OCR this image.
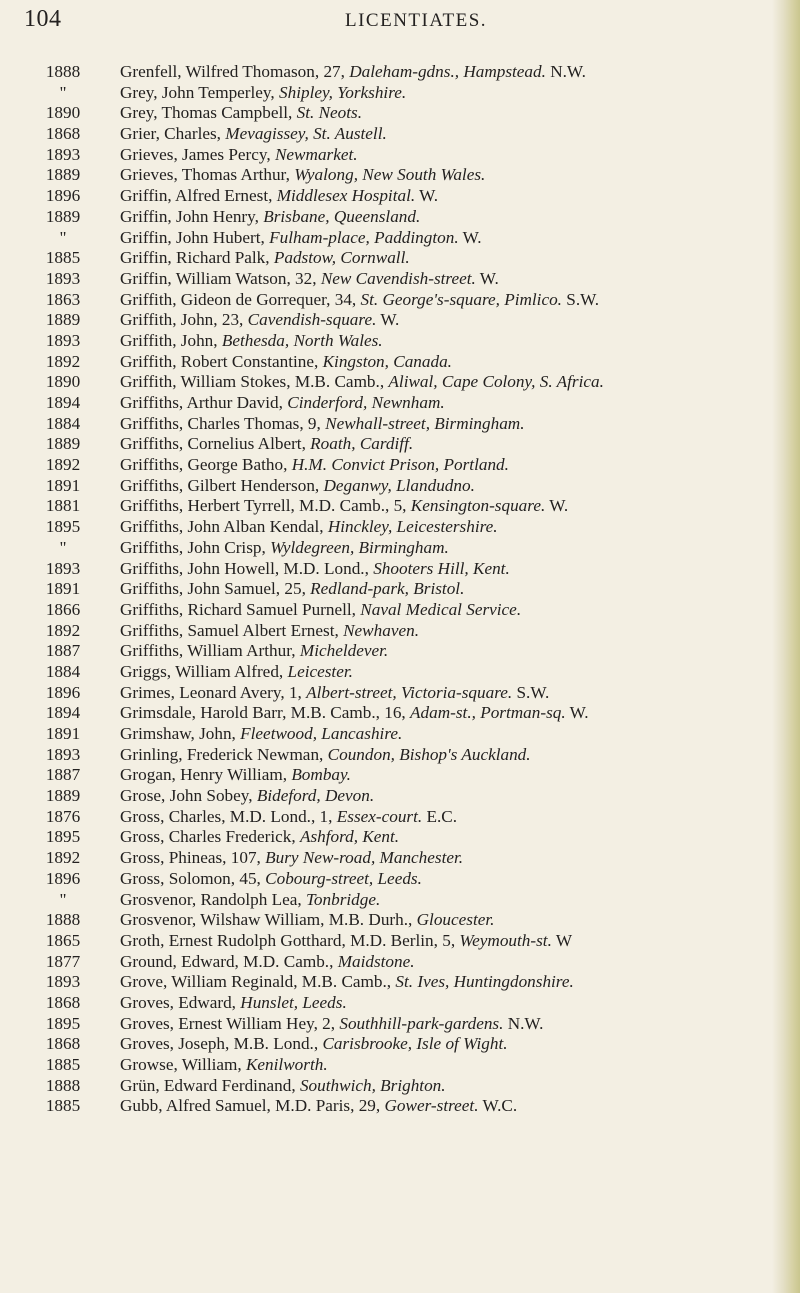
104	LICENTIATES.
1888	Grenfell, Wilfred Thomason, 27, Daleham-gdns., Hampstead. N.W.
"	Grey, John Temperley, Shipley, Yorkshire.
1890	Grey, Thomas Campbell, St. Neots.
1868	Grier, Charles, Mevagissey, St. Austell.
1893	Grieves, James Percy, Newmarket.
1889	Grieves, Thomas Arthur, Wyalong, New South Wales.
1896	Griffin, Alfred Ernest, Middlesex Hospital. W.
1889	Griffin, John Henry, Brisbane, Queensland.
"	Griffin, John Hubert, Fulham-place, Paddington. W.
1885	Griffin, Richard Palk, Padstow, Cornwall.
1893	Griffin, William Watson, 32, New Cavendish-street. W.
1863	Griffith, Gideon de Gorrequer, 34, St. George's-square, Pimlico. S.W.
1889	Griffith, John, 23, Cavendish-square. W.
1893	Griffith, John, Bethesda, North Wales.
1892	Griffith, Robert Constantine, Kingston, Canada.
1890	Griffith, William Stokes, M.B. Camb., Aliwal, Cape Colony, S. Africa.
1894	Griffiths, Arthur David, Cinderford, Newnham.
1884	Griffiths, Charles Thomas, 9, Newhall-street, Birmingham.
1889	Griffiths, Cornelius Albert, Roath, Cardiff.
1892	Griffiths, George Batho, H.M. Convict Prison, Portland.
1891	Griffiths, Gilbert Henderson, Deganwy, Llandudno.
1881	Griffiths, Herbert Tyrrell, M.D. Camb., 5, Kensington-square. W.
1895	Griffiths, John Alban Kendal, Hinckley, Leicestershire.
"	Griffiths, John Crisp, Wyldegreen, Birmingham.
1893	Griffiths, John Howell, M.D. Lond., Shooters Hill, Kent.
1891	Griffiths, John Samuel, 25, Redland-park, Bristol.
1866	Griffiths, Richard Samuel Purnell, Naval Medical Service.
1892	Griffiths, Samuel Albert Ernest, Newhaven.
1887	Griffiths, William Arthur, Micheldever.
1884	Griggs, William Alfred, Leicester.
1896	Grimes, Leonard Avery, 1, Albert-street, Victoria-square. S.W.
1894	Grimsdale, Harold Barr, M.B. Camb., 16, Adam-st., Portman-sq. W.
1891	Grimshaw, John, Fleetwood, Lancashire.
1893	Grinling, Frederick Newman, Coundon, Bishop's Auckland.
1887	Grogan, Henry William, Bombay.
1889	Grose, John Sobey, Bideford, Devon.
1876	Gross, Charles, M.D. Lond., 1, Essex-court. E.C.
1895	Gross, Charles Frederick, Ashford, Kent.
1892	Gross, Phineas, 107, Bury New-road, Manchester.
1896	Gross, Solomon, 45, Cobourg-street, Leeds.
"	Grosvenor, Randolph Lea, Tonbridge.
1888	Grosvenor, Wilshaw William, M.B. Durh., Gloucester.
1865	Groth, Ernest Rudolph Gotthard, M.D. Berlin, 5, Weymouth-st. W
1877	Ground, Edward, M.D. Camb., Maidstone.
1893	Grove, William Reginald, M.B. Camb., St. Ives, Huntingdonshire.
1868	Groves, Edward, Hunslet, Leeds.
1895	Groves, Ernest William Hey, 2, Southhill-park-gardens. N.W.
1868	Groves, Joseph, M.B. Lond., Carisbrooke, Isle of Wight.
1885	Growse, William, Kenilworth.
1888	Grün, Edward Ferdinand, Southwich, Brighton.
1885	Gubb, Alfred Samuel, M.D. Paris, 29, Gower-street. W.C.
